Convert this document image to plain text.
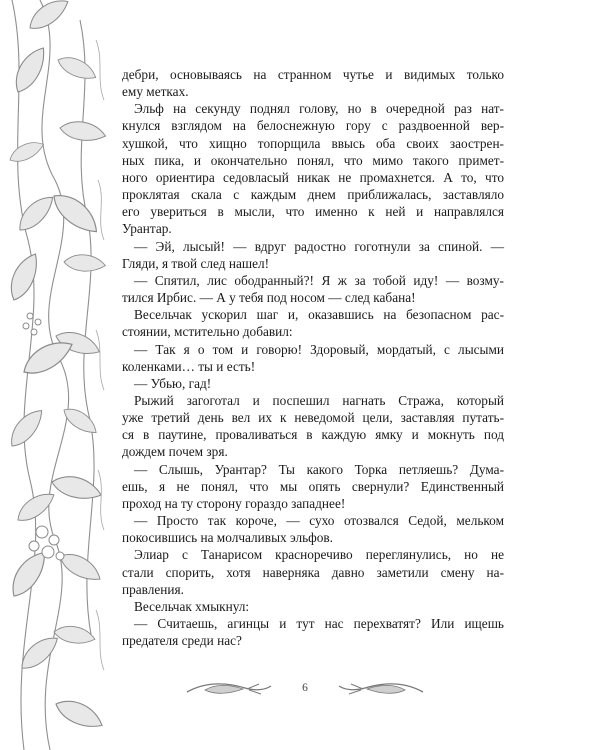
дебри, основываясь на странном чутье и видимых только
ему метках.
Эльф на секунду поднял голову, но в очередной раз нат-
кнулся взглядом на белоснежную гору с раздвоенной вер-
хушкой, что хищно топорщила ввысь оба своих заострен-
ных пика, и окончательно понял, что мимо такого примет-
ного ориентира седовласый никак не промахнется. А то, что
проклятая скала с каждым днем приближалась, заставляло
его увериться в мысли, что именно к ней и направлялся
Урантар.
— Эй, лысый! — вдруг радостно гоготнули за спиной. —
Гляди, я твой след нашел!
— Спятил, лис ободранный?! Я ж за тобой иду! — возму-
тился Ирбис. — А у тебя под носом — след кабана!
Весельчак ускорил шаг и, оказавшись на безопасном рас-
стоянии, мстительно добавил:
— Так я о том и говорю! Здоровый, мордатый, с лысыми
коленками… ты и есть!
— Убью, гад!
Рыжий загоготал и поспешил нагнать Стража, который
уже третий день вел их к неведомой цели, заставляя путать-
ся в паутине, проваливаться в каждую ямку и мокнуть под
дождем почем зря.
— Слышь, Урантар? Ты какого Торка петляешь? Дума-
ешь, я не понял, что мы опять свернули? Единственный
проход на ту сторону гораздо западнее!
— Просто так короче, — сухо отозвался Седой, мельком
покосившись на молчаливых эльфов.
Элиар с Танарисом красноречиво переглянулись, но не
стали спорить, хотя наверняка давно заметили смену на-
правления.
Весельчак хмыкнул:
— Считаешь, агинцы и тут нас перехватят? Или ищешь
предателя среди нас?
6
